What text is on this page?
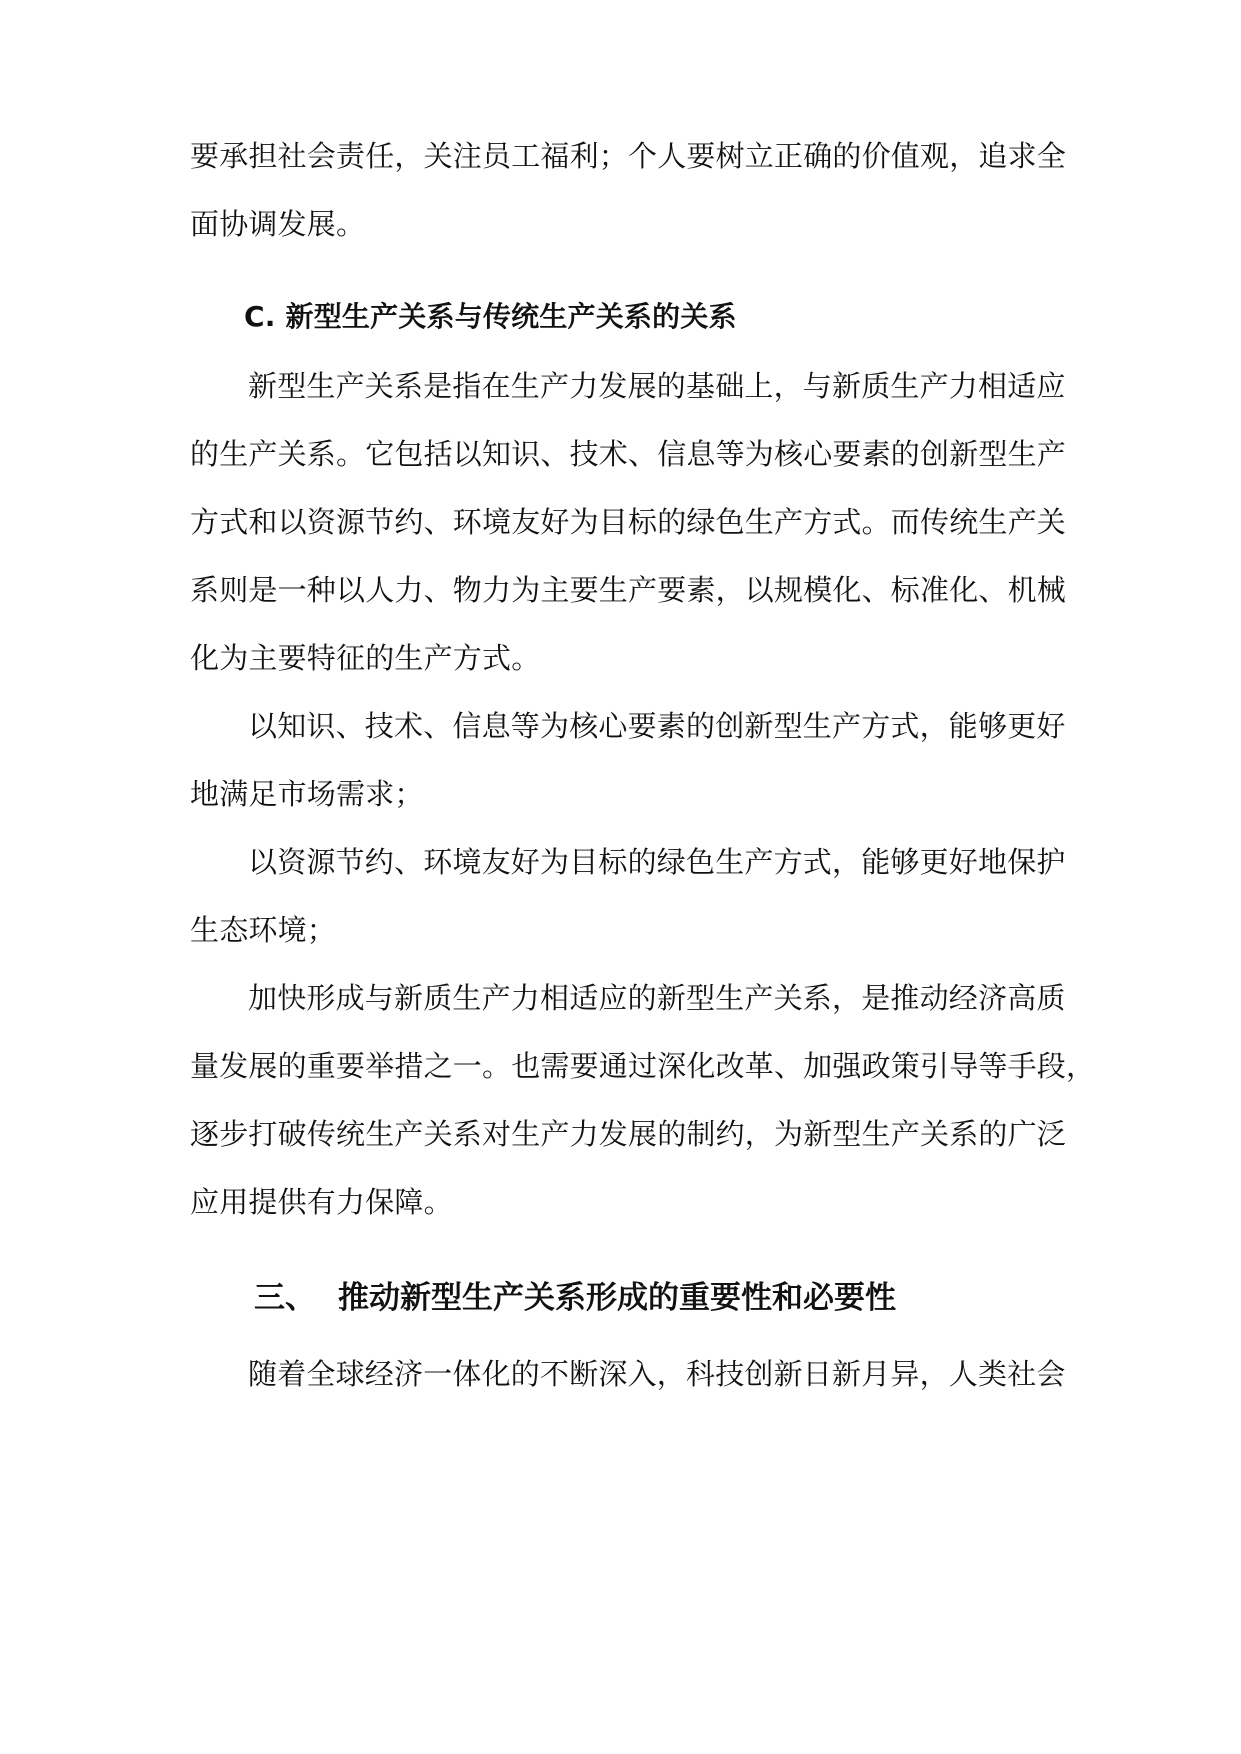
要承担社会责任，关注员工福利；个人要树立正确的价值观，追求全
面协调发展。
C. 新型生产关系与传统生产关系的关系
新型生产关系是指在生产力发展的基础上，与新质生产力相适应
的生产关系。它包括以知识、技术、信息等为核心要素的创新型生产
方式和以资源节约、环境友好为目标的绿色生产方式。而传统生产关
系则是一种以人力、物力为主要生产要素，以规模化、标准化、机械
化为主要特征的生产方式。
以知识、技术、信息等为核心要素的创新型生产方式，能够更好
地满足市场需求；
以资源节约、环境友好为目标的绿色生产方式，能够更好地保护
生态环境；
加快形成与新质生产力相适应的新型生产关系，是推动经济高质
量发展的重要举措之一。也需要通过深化改革、加强政策引导等手段，
逐步打破传统生产关系对生产力发展的制约，为新型生产关系的广泛
应用提供有力保障。
三、 推动新型生产关系形成的重要性和必要性
随着全球经济一体化的不断深入，科技创新日新月异，人类社会
